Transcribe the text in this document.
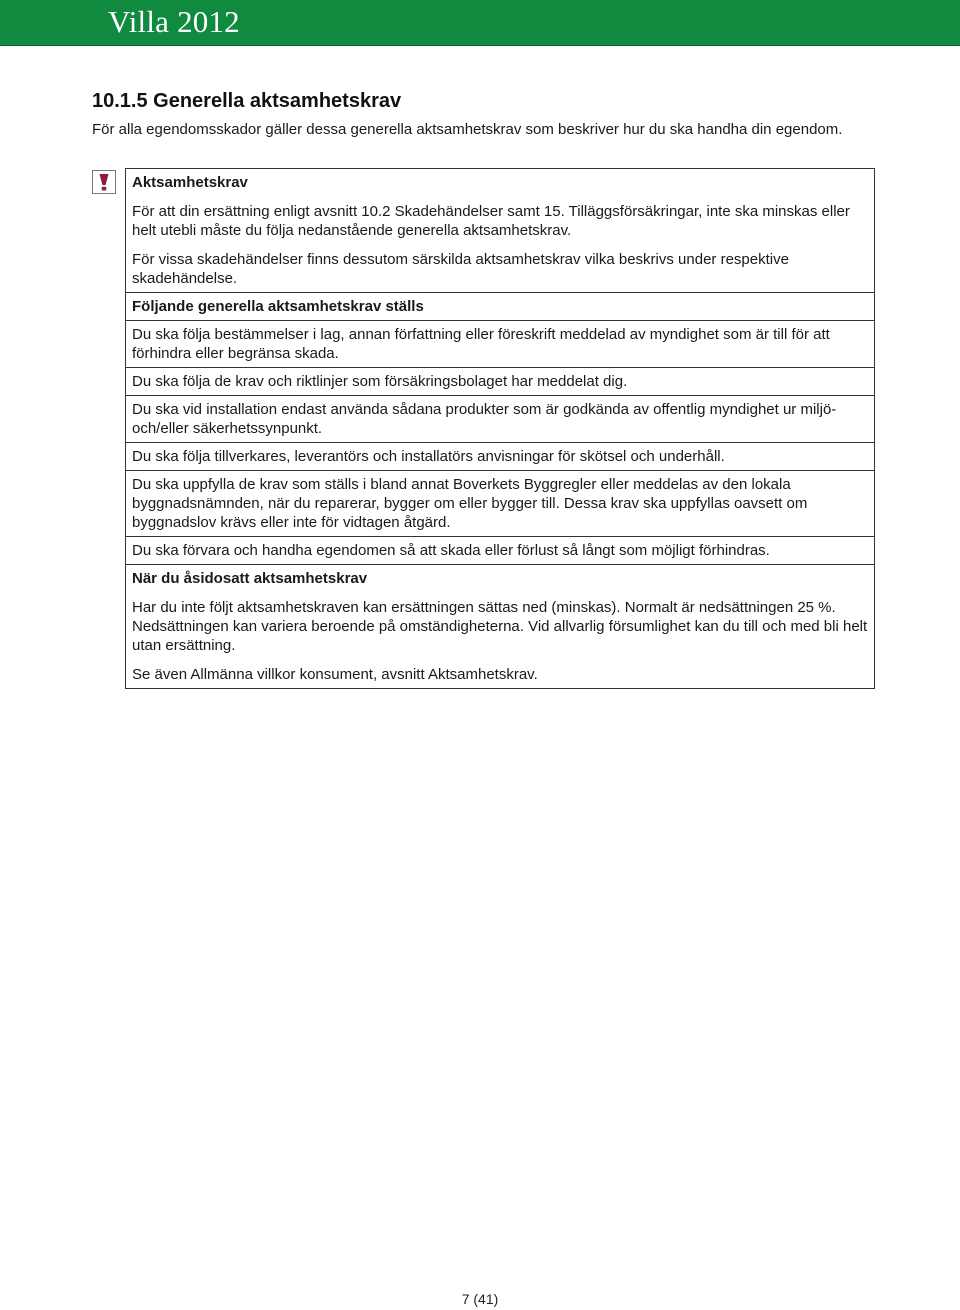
Villa 2012
10.1.5 Generella aktsamhetskrav

För alla egendomsskador gäller dessa generella aktsamhetskrav som beskriver hur du ska handha din egendom.

Aktsamhetskrav

För att din ersättning enligt avsnitt 10.2 Skadehändelser samt 15. Tilläggsförsäkringar, inte ska minskas eller helt utebli måste du följa nedanstående generella aktsamhetskrav.

För vissa skadehändelser finns dessutom särskilda aktsamhetskrav vilka beskrivs under respektive skadehändelse.

Följande generella aktsamhetskrav ställs

Du ska följa bestämmelser i lag, annan författning eller föreskrift meddelad av myndighet som är till för att förhindra eller begränsa skada.

Du ska följa de krav och riktlinjer som försäkringsbolaget har meddelat dig.

Du ska vid installation endast använda sådana produkter som är godkända av offentlig myndighet ur miljö- och/eller säkerhetssynpunkt.

Du ska följa tillverkares, leverantörs och installatörs anvisningar för skötsel och underhåll.

Du ska uppfylla de krav som ställs i bland annat Boverkets Byggregler eller meddelas av den lokala byggnadsnämnden, när du reparerar, bygger om eller bygger till. Dessa krav ska uppfyllas oavsett om byggnadslov krävs eller inte för vidtagen åtgärd.

Du ska förvara och handha egendomen så att skada eller förlust så långt som möjligt förhindras.

När du åsidosatt aktsamhetskrav

Har du inte följt aktsamhetskraven kan ersättningen sättas ned (minskas). Normalt är nedsättningen 25 %. Nedsättningen kan variera beroende på omständigheterna. Vid allvarlig försumlighet kan du till och med bli helt utan ersättning.

Se även Allmänna villkor konsument, avsnitt Aktsamhetskrav.

7 (41)
